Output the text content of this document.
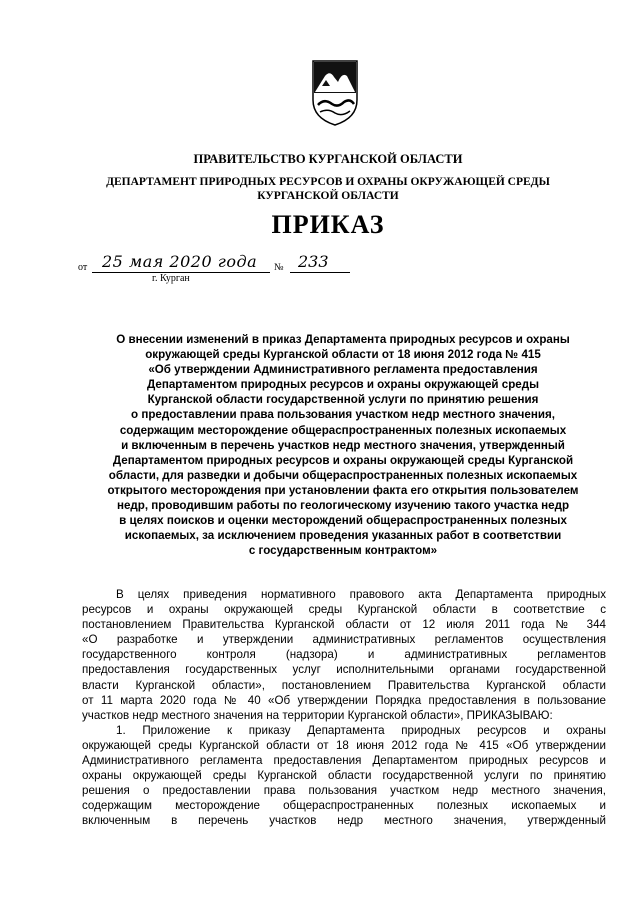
ПРАВИТЕЛЬСТВО КУРГАНСКОЙ ОБЛАСТИ
ДЕПАРТАМЕНТ ПРИРОДНЫХ РЕСУРСОВ И ОХРАНЫ ОКРУЖАЮЩЕЙ СРЕДЫ
КУРГАНСКОЙ ОБЛАСТИ
ПРИКАЗ
от 25 мая 2020 года № 233
г. Курган
О внесении изменений в приказ Департамента природных ресурсов и охраны
окружающей среды Курганской области от 18 июня 2012 года № 415
«Об утверждении Административного регламента предоставления
Департаментом природных ресурсов и охраны окружающей среды
Курганской области государственной услуги по принятию решения
о предоставлении права пользования участком недр местного значения,
содержащим месторождение общераспространенных полезных ископаемых
и включенным в перечень участков недр местного значения, утвержденный
Департаментом природных ресурсов и охраны окружающей среды Курганской
области, для разведки и добычи общераспространенных полезных ископаемых
открытого месторождения при установлении факта его открытия пользователем
недр, проводившим работы по геологическому изучению такого участка недр
в целях поисков и оценки месторождений общераспространенных полезных
ископаемых, за исключением проведения указанных работ в соответствии
с государственным контрактом»
В целях приведения нормативного правового акта Департамента природных
ресурсов и охраны окружающей среды Курганской области в соответствие с
постановлением Правительства Курганской области от 12 июля 2011 года № 344
«О разработке и утверждении административных регламентов осуществления
государственного контроля (надзора) и административных регламентов
предоставления государственных услуг исполнительными органами государственной
власти Курганской области», постановлением Правительства Курганской области
от 11 марта 2020 года № 40 «Об утверждении Порядка предоставления в пользование
участков недр местного значения на территории Курганской области», ПРИКАЗЫВАЮ:
1. Приложение к приказу Департамента природных ресурсов и охраны
окружающей среды Курганской области от 18 июня 2012 года № 415 «Об утверждении
Административного регламента предоставления Департаментом природных ресурсов и
охраны окружающей среды Курганской области государственной услуги по принятию
решения о предоставлении права пользования участком недр местного значения,
содержащим месторождение общераспространенных полезных ископаемых и
включенным в перечень участков недр местного значения, утвержденный
